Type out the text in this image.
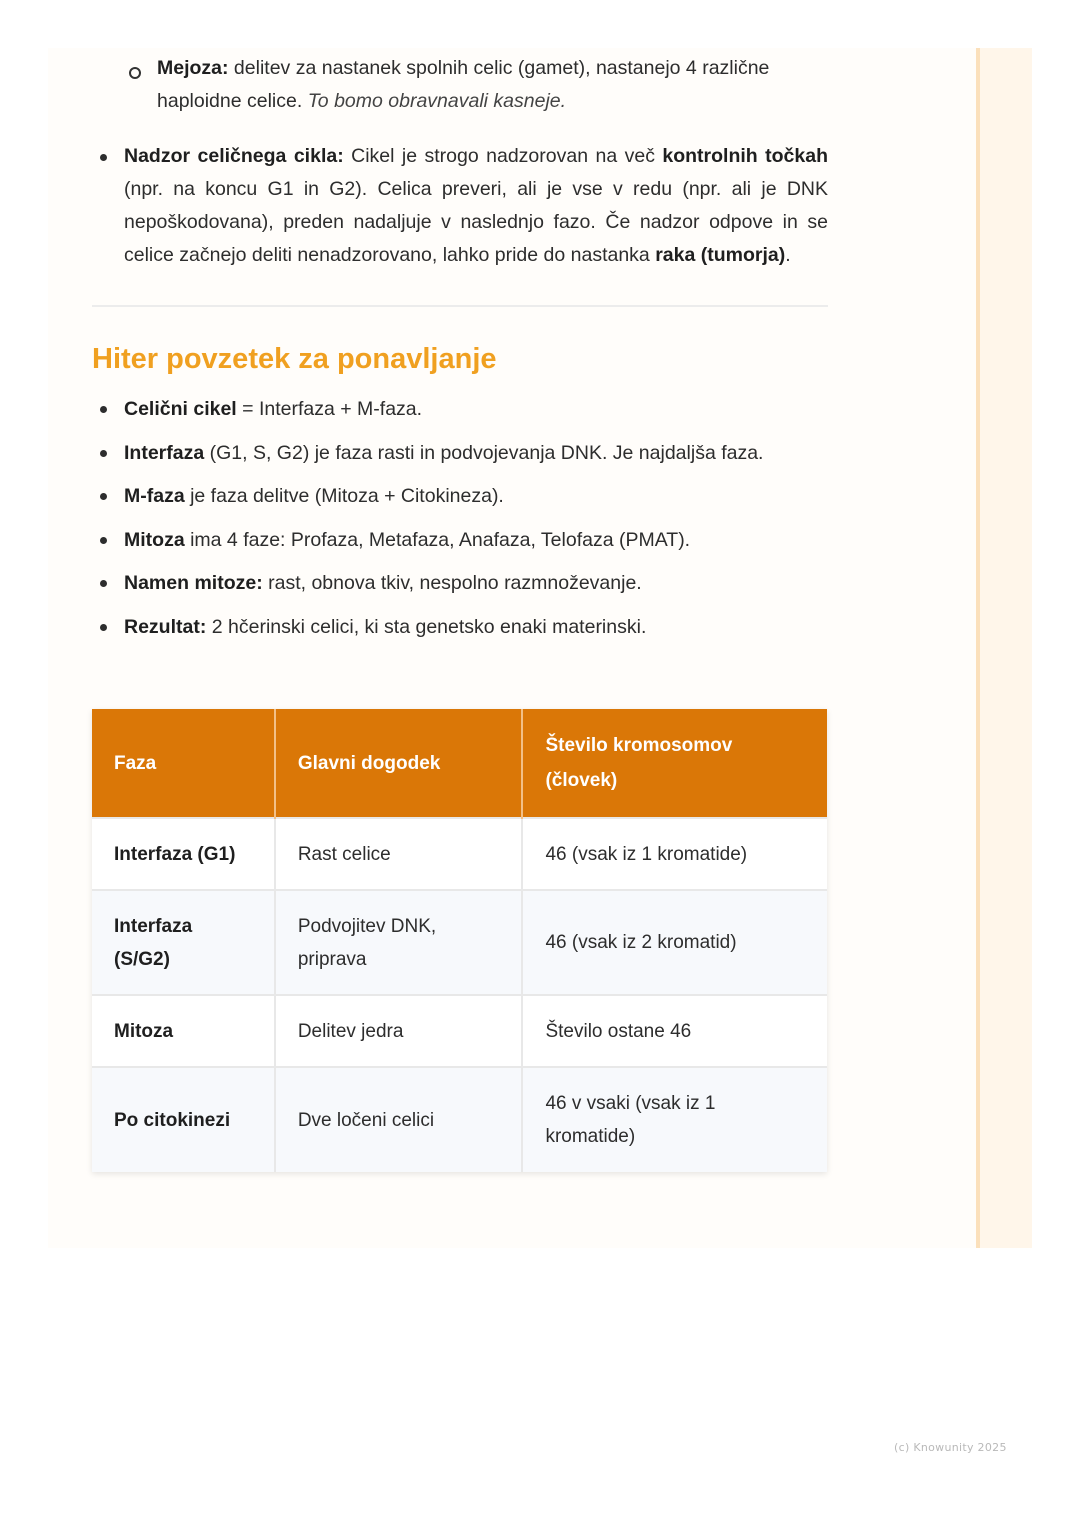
Mejoza: delitev za nastanek spolnih celic (gamet), nastanejo 4 različne haploidne celice. To bomo obravnavali kasneje.

Nadzor celičnega cikla: Cikel je strogo nadzorovan na več kontrolnih točkah (npr. na koncu G1 in G2). Celica preveri, ali je vse v redu (npr. ali je DNK nepoškodovana), preden nadaljuje v naslednjo fazo. Če nadzor odpove in se celice začnejo deliti nenadzorovano, lahko pride do nastanka raka (tumorja).

Hiter povzetek za ponavljanje
Celični cikel = Interfaza + M-faza.
Interfaza (G1, S, G2) je faza rasti in podvojevanja DNK. Je najdaljša faza.
M-faza je faza delitve (Mitoza + Citokineza).
Mitoza ima 4 faze: Profaza, Metafaza, Anafaza, Telofaza (PMAT).
Namen mitoze: rast, obnova tkiv, nespolno razmnoževanje.
Rezultat: 2 hčerinski celici, ki sta genetsko enaki materinski.
Faza	Glavni dogodek	Število kromosomov (človek)
Interfaza (G1)	Rast celice	46 (vsak iz 1 kromatide)
Interfaza (S/G2)	Podvojitev DNK, priprava	46 (vsak iz 2 kromatid)
Mitoza	Delitev jedra	Število ostane 46
Po citokinezi	Dve ločeni celici	46 v vsaki (vsak iz 1 kromatide)
(c) Knowunity 2025
